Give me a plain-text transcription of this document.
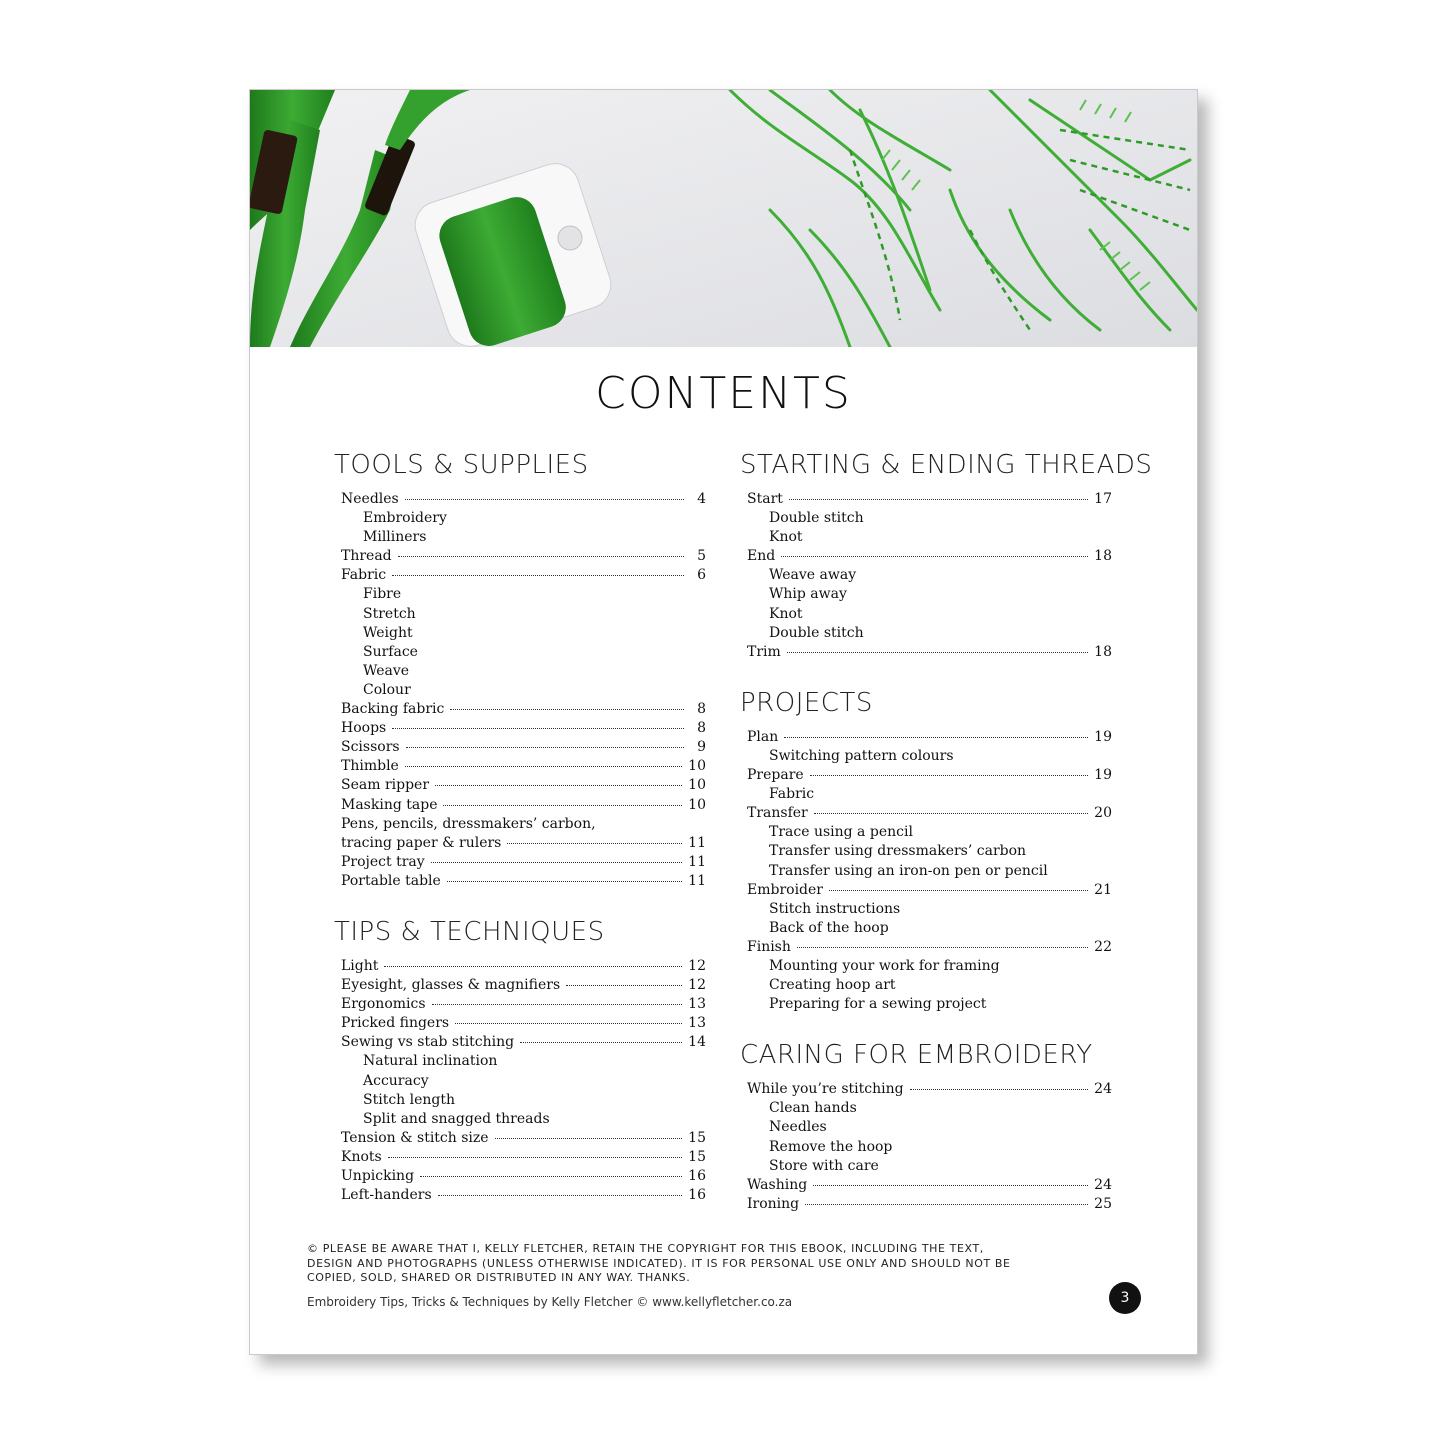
CONTENTS
TOOLS & SUPPLIES
Needles	4
Embroidery
Milliners
Thread	5
Fabric	6
Fibre
Stretch
Weight
Surface
Weave
Colour
Backing fabric	8
Hoops	8
Scissors	9
Thimble	10
Seam ripper	10
Masking tape	10
Pens, pencils, dressmakers’ carbon,
tracing paper & rulers	11
Project tray	11
Portable table	11
TIPS & TECHNIQUES
Light	12
Eyesight, glasses & magnifiers	12
Ergonomics	13
Pricked fingers	13
Sewing vs stab stitching	14
Natural inclination
Accuracy
Stitch length
Split and snagged threads
Tension & stitch size	15
Knots	15
Unpicking	16
Left-handers	16
STARTING & ENDING THREADS
Start	17
Double stitch
Knot
End	18
Weave away
Whip away
Knot
Double stitch
Trim	18
PROJECTS
Plan	19
Switching pattern colours
Prepare	19
Fabric
Transfer	20
Trace using a pencil
Transfer using dressmakers’ carbon
Transfer using an iron-on pen or pencil
Embroider	21
Stitch instructions
Back of the hoop
Finish	22
Mounting your work for framing
Creating hoop art
Preparing for a sewing project
CARING FOR EMBROIDERY
While you’re stitching	24
Clean hands
Needles
Remove the hoop
Store with care
Washing	24
Ironing	25
© PLEASE BE AWARE THAT I, KELLY FLETCHER, RETAIN THE COPYRIGHT FOR THIS EBOOK, INCLUDING THE TEXT, DESIGN AND PHOTOGRAPHS (UNLESS OTHERWISE INDICATED). IT IS FOR PERSONAL USE ONLY AND SHOULD NOT BE COPIED, SOLD, SHARED OR DISTRIBUTED IN ANY WAY. THANKS.
Embroidery Tips, Tricks & Techniques by Kelly Fletcher © www.kellyfletcher.co.za	3
